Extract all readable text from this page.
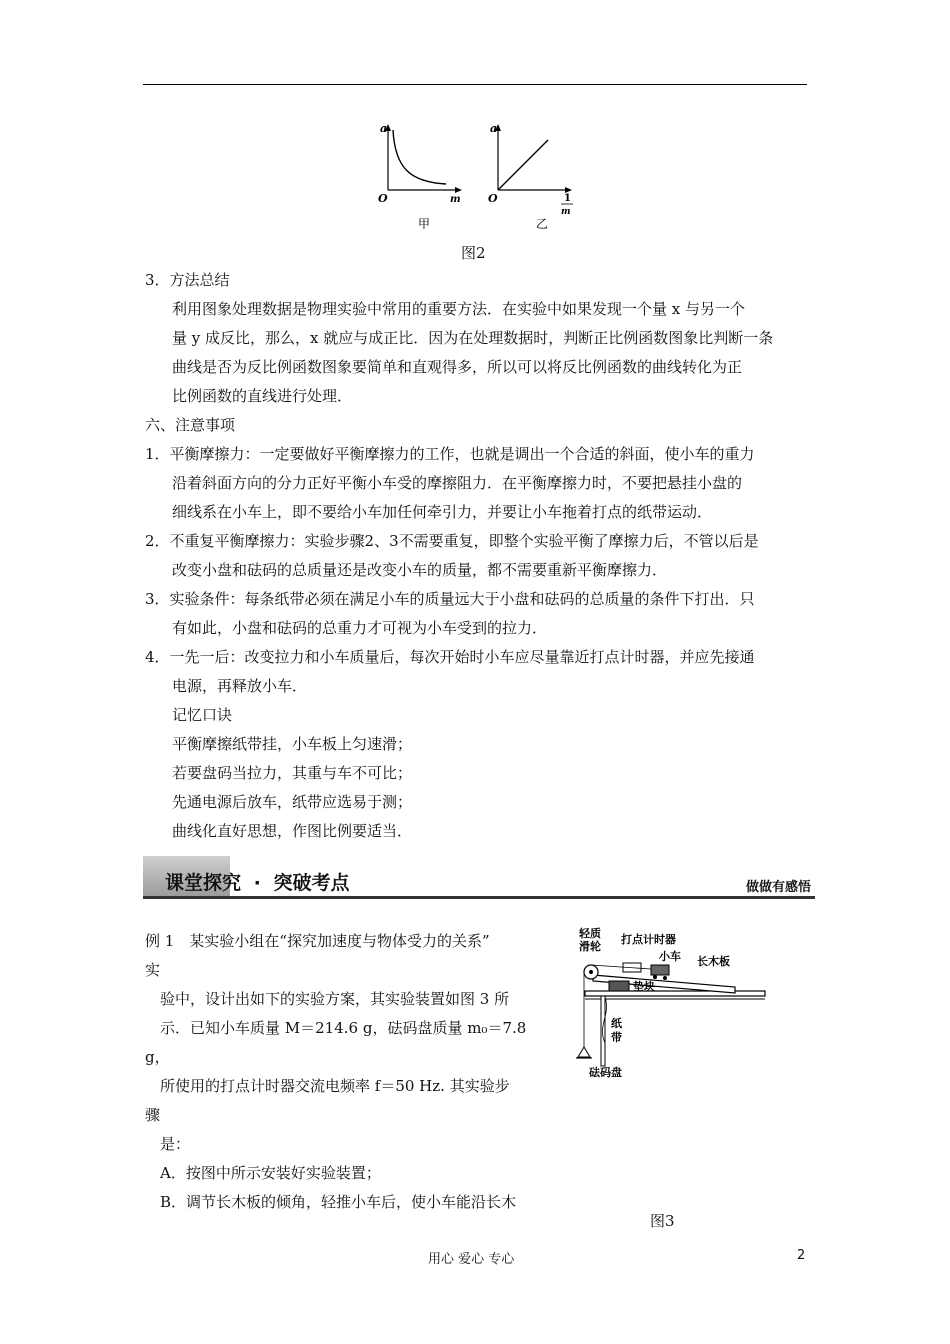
a
O	m
甲
a
O	1
m
乙
图2
3．方法总结
利用图象处理数据是物理实验中常用的重要方法．在实验中如果发现一个量 x 与另一个
量 y 成反比，那么，x 就应与成正比．因为在处理数据时，判断正比例函数图象比判断一条
曲线是否为反比例函数图象要简单和直观得多，所以可以将反比例函数的曲线转化为正
比例函数的直线进行处理．
六、注意事项
1．平衡摩擦力：一定要做好平衡摩擦力的工作，也就是调出一个合适的斜面，使小车的重力
沿着斜面方向的分力正好平衡小车受的摩擦阻力．在平衡摩擦力时，不要把悬挂小盘的
细线系在小车上，即不要给小车加任何牵引力，并要让小车拖着打点的纸带运动．
2．不重复平衡摩擦力：实验步骤2、3不需要重复，即整个实验平衡了摩擦力后，不管以后是
改变小盘和砝码的总质量还是改变小车的质量，都不需要重新平衡摩擦力．
3．实验条件：每条纸带必须在满足小车的质量远大于小盘和砝码的总质量的条件下打出．只
有如此，小盘和砝码的总重力才可视为小车受到的拉力．
4．一先一后：改变拉力和小车质量后，每次开始时小车应尽量靠近打点计时器，并应先接通
电源，再释放小车．
记忆口诀
平衡摩擦纸带挂，小车板上匀速滑；
若要盘码当拉力，其重与车不可比；
先通电源后放车，纸带应选易于测；
曲线化直好思想，作图比例要适当．
课堂探究 · 突破考点	做做有感悟
例 1　某实验小组在“探究加速度与物体受力的关系”
实
验中，设计出如下的实验方案，其实验装置如图 3 所
示．已知小车质量 M＝214.6 g，砝码盘质量 m₀＝7.8
g，
所使用的打点计时器交流电频率 f＝50 Hz. 其实验步
骤
是：
A．按图中所示安装好实验装置；
B．调节长木板的倾角，轻推小车后，使小车能沿长木
轻质
滑轮
打点计时器
小车 长木板
垫块
纸
带
砝码盘
图3
用心 爱心 专心	2
